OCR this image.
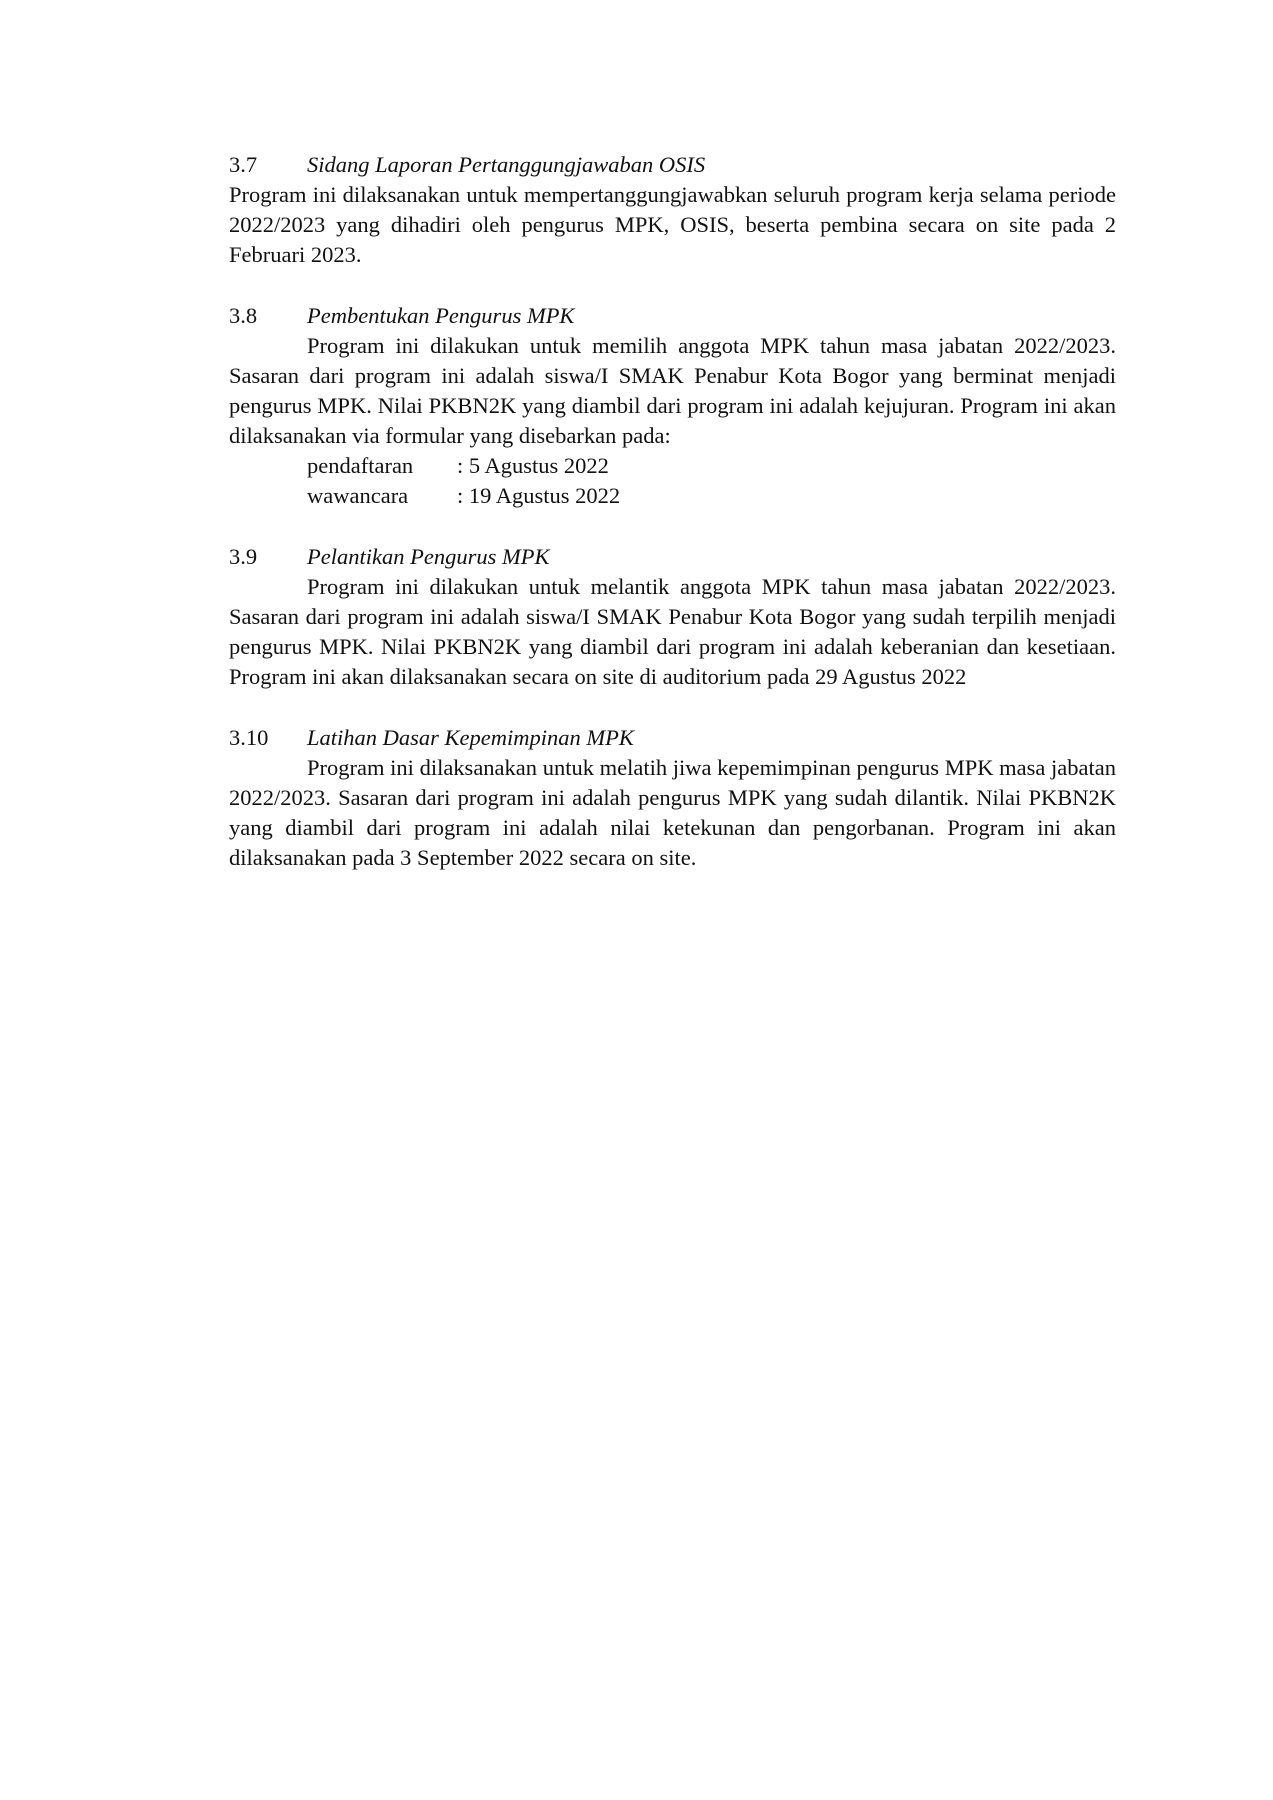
3.7	Sidang Laporan Pertanggungjawaban OSIS

Program ini dilaksanakan untuk mempertanggungjawabkan seluruh program kerja selama periode 2022/2023 yang dihadiri oleh pengurus MPK, OSIS, beserta pembina secara on site pada 2 Februari 2023.

3.8	Pembentukan Pengurus MPK

Program ini dilakukan untuk memilih anggota MPK tahun masa jabatan 2022/2023. Sasaran dari program ini adalah siswa/I SMAK Penabur Kota Bogor yang berminat menjadi pengurus MPK. Nilai PKBN2K yang diambil dari program ini adalah kejujuran. Program ini akan dilaksanakan via formular yang disebarkan pada:

pendaftaran	: 5 Agustus 2022
wawancara	: 19 Agustus 2022
3.9	Pelantikan Pengurus MPK

Program ini dilakukan untuk melantik anggota MPK tahun masa jabatan 2022/2023. Sasaran dari program ini adalah siswa/I SMAK Penabur Kota Bogor yang sudah terpilih menjadi pengurus MPK. Nilai PKBN2K yang diambil dari program ini adalah keberanian dan kesetiaan. Program ini akan dilaksanakan secara on site di auditorium pada 29 Agustus 2022

3.10	Latihan Dasar Kepemimpinan MPK

Program ini dilaksanakan untuk melatih jiwa kepemimpinan pengurus MPK masa jabatan 2022/2023. Sasaran dari program ini adalah pengurus MPK yang sudah dilantik. Nilai PKBN2K yang diambil dari program ini adalah nilai ketekunan dan pengorbanan. Program ini akan dilaksanakan pada 3 September 2022 secara on site.
